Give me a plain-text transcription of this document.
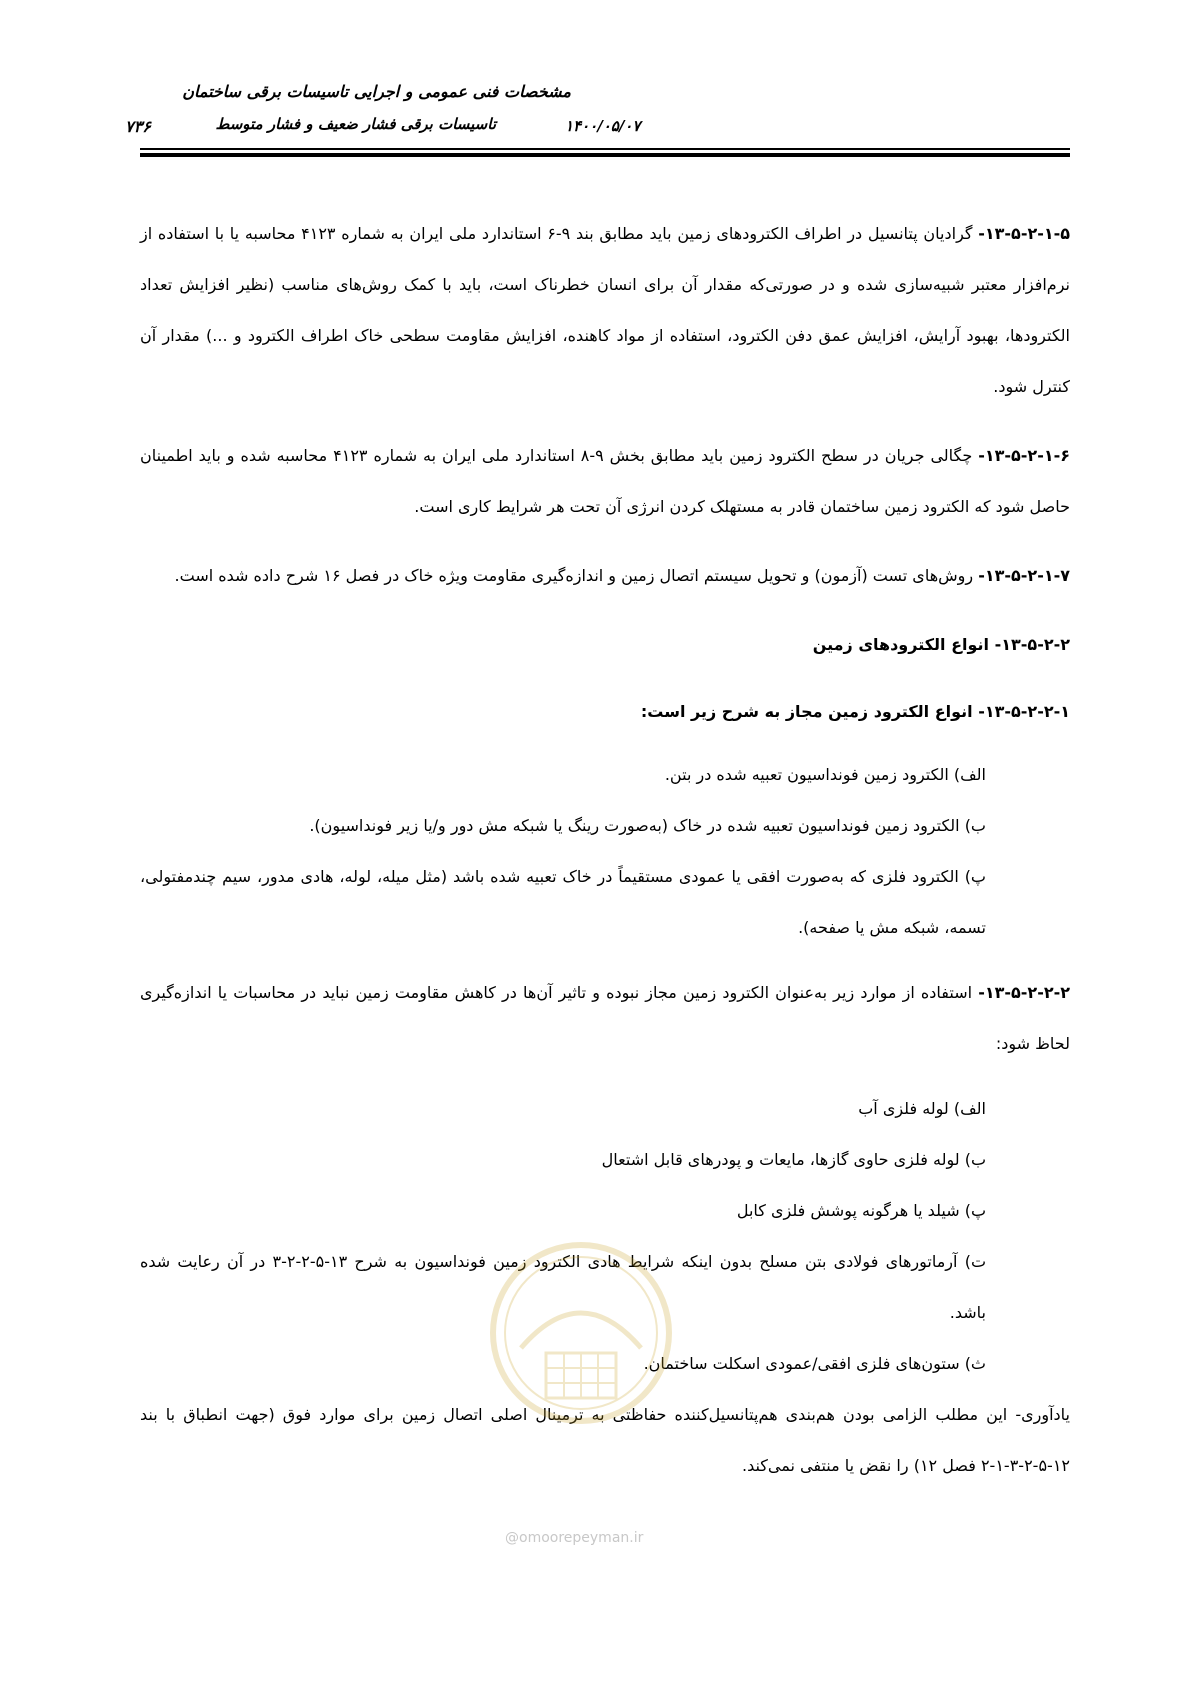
مشخصات فنی عمومی و اجرایی تاسیسات برقی ساختمان
تاسیسات برقی فشار ضعیف و فشار متوسط	۱۴۰۰/۰۵/۰۷
۷۳۶

۱۳-۵-۲-۱-۵- گرادیان پتانسیل در اطراف الکترودهای زمین باید مطابق بند ۹-۶ استاندارد ملی ایران به شماره ۴۱۲۳ محاسبه یا با استفاده از نرم‌افزار معتبر شبیه‌سازی شده و در صورتی‌که مقدار آن برای انسان خطرناک است، باید با کمک روش‌های مناسب (نظیر افزایش تعداد الکترودها، بهبود آرایش، افزایش عمق دفن الکترود، استفاده از مواد کاهنده، افزایش مقاومت سطحی خاک اطراف الکترود و ...) مقدار آن کنترل شود.

۱۳-۵-۲-۱-۶- چگالی جریان در سطح الکترود زمین باید مطابق بخش ۹-۸ استاندارد ملی ایران به شماره ۴۱۲۳ محاسبه شده و باید اطمینان حاصل شود که الکترود زمین ساختمان قادر به مستهلک کردن انرژی آن تحت هر شرایط کاری است.

۱۳-۵-۲-۱-۷- روش‌های تست (آزمون) و تحویل سیستم اتصال زمین و اندازه‌گیری مقاومت ویژه خاک در فصل ۱۶ شرح داده شده است.

۱۳-۵-۲-۲- انواع الکترودهای زمین

۱۳-۵-۲-۲-۱- انواع الکترود زمین مجاز به شرح زیر است:

الف) الکترود زمین فونداسیون تعبیه شده در بتن.

ب) الکترود زمین فونداسیون تعبیه شده در خاک (به‌صورت رینگ یا شبکه مش دور و/یا زیر فونداسیون).

پ) الکترود فلزی که به‌صورت افقی یا عمودی مستقیماً در خاک تعبیه شده باشد (مثل میله، لوله، هادی مدور، سیم چندمفتولی، تسمه، شبکه مش یا صفحه).

۱۳-۵-۲-۲-۲- استفاده از موارد زیر به‌عنوان الکترود زمین مجاز نبوده و تاثیر آن‌ها در کاهش مقاومت زمین نباید در محاسبات یا اندازه‌گیری لحاظ شود:

الف) لوله فلزی آب

ب) لوله فلزی حاوی گازها، مایعات و پودرهای قابل اشتعال

پ) شیلد یا هرگونه پوشش فلزی کابل

ت) آرماتورهای فولادی بتن مسلح بدون اینکه شرایط هادی الکترود زمین فونداسیون به شرح ۱۳-۵-۲-۲-۳ در آن رعایت شده باشد.

ث) ستون‌های فلزی افقی/عمودی اسکلت ساختمان.

یادآوری- این مطلب الزامی بودن هم‌بندی هم‌پتانسیل‌کننده حفاظتی به ترمینال اصلی اتصال زمین برای موارد فوق (جهت انطباق با بند ۱۲-۵-۲-۳-۱-۲ فصل ۱۲) را نقض یا منتفی نمی‌کند.

@omoorepeyman.ir
